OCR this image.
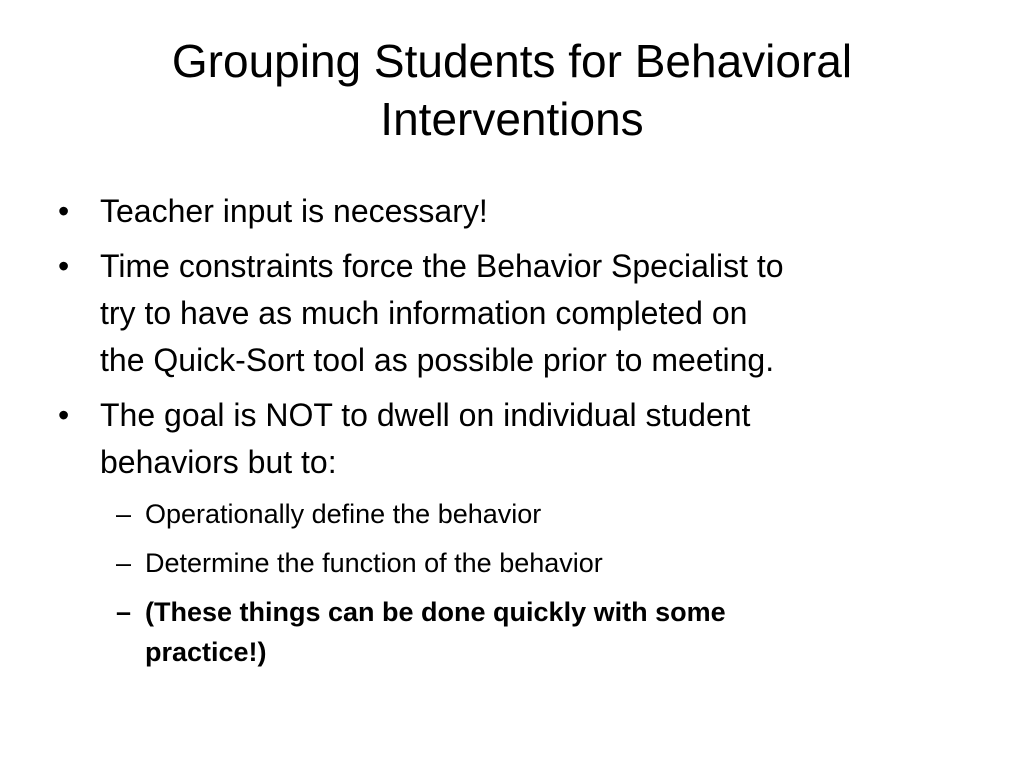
Grouping Students for Behavioral
Interventions
• Teacher input is necessary!
• Time constraints force the Behavior Specialist to
try to have as much information completed on
the Quick-Sort tool as possible prior to meeting.
• The goal is NOT to dwell on individual student
behaviors but to:
– Operationally define the behavior
– Determine the function of the behavior
– (These things can be done quickly with some
practice!)
